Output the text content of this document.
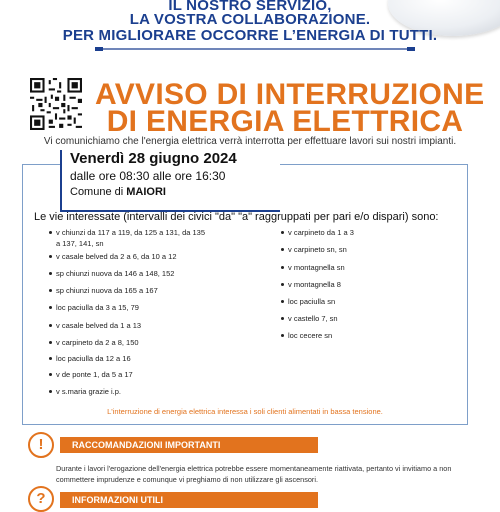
IL NOSTRO SERVIZIO,
LA VOSTRA COLLABORAZIONE.
PER MIGLIORARE OCCORRE L’ENERGIA DI TUTTI.
AVVISO DI INTERRUZIONE
DI ENERGIA ELETTRICA
Vi comunichiamo che l'energia elettrica verrà interrotta per effettuare lavori sui nostri impianti.
Venerdì 28 giugno 2024
dalle ore 08:30 alle ore 16:30
Comune di MAIORI
Le vie interessate (intervalli dei civici "da" "a" raggruppati per pari e/o dispari) sono:
v chiunzi da 117 a 119, da 125 a 131, da 135 a 137, 141, sn
v casale belved da 2 a 6, da 10 a 12
sp chiunzi nuova da 146 a 148, 152
sp chiunzi nuova da 165 a 167
loc paciulla da 3 a 15, 79
v casale belved da 1 a 13
v carpineto da 2 a 8, 150
loc paciulla da 12 a 16
v de ponte 1, da 5 a 17
v s.maria grazie i.p.
v carpineto da 1 a 3
v carpineto sn, sn
v montagnella sn
v montagnella 8
loc paciulla sn
v castello 7, sn
loc cecere sn
L'interruzione di energia elettrica interessa i soli clienti alimentati in bassa tensione.
!	RACCOMANDAZIONI IMPORTANTI
Durante i lavori l'erogazione dell'energia elettrica potrebbe essere momentaneamente riattivata, pertanto vi invitiamo a non commettere imprudenze e comunque vi preghiamo di non utilizzare gli ascensori.
?	INFORMAZIONI UTILI
